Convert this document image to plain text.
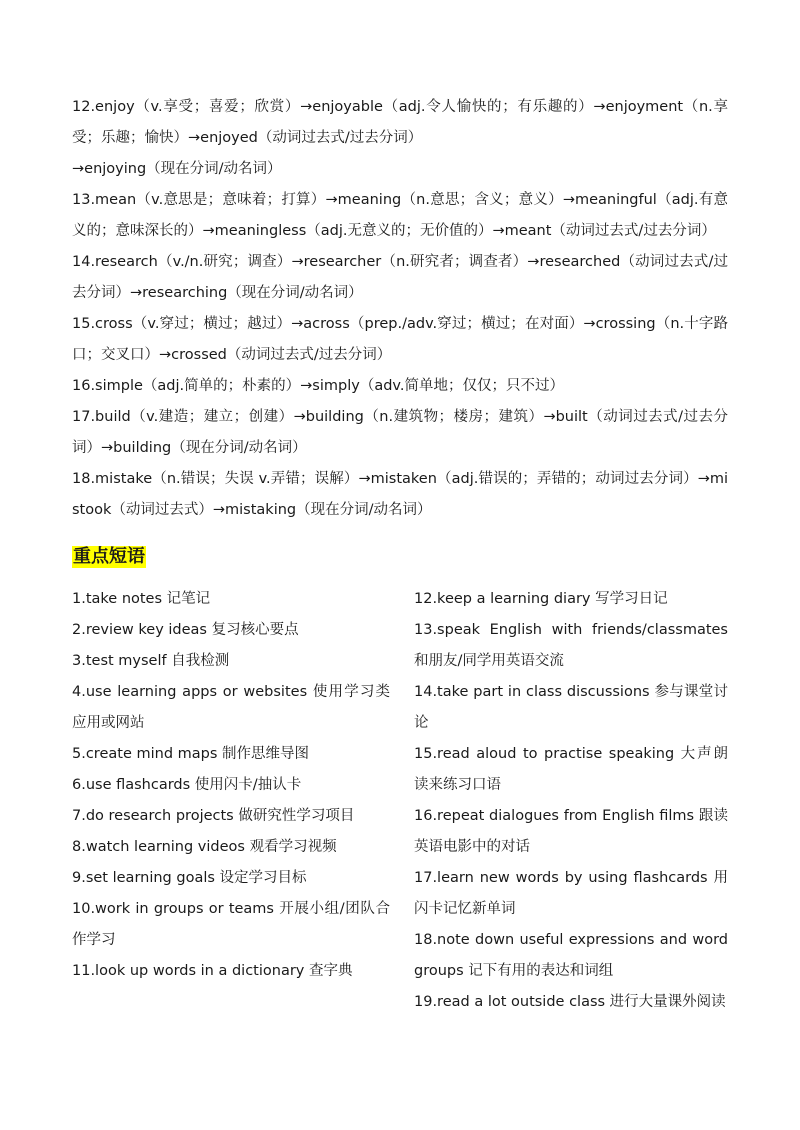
12.enjoy（v.享受；喜爱；欣赏）→enjoyable（adj.令人愉快的；有乐趣的）→enjoyment（n.享受；乐趣；愉快）→enjoyed（动词过去式/过去分词）

→enjoying（现在分词/动名词）

13.mean（v.意思是；意味着；打算）→meaning（n.意思；含义；意义）→meaningful（adj.有意义的；意味深长的）→meaningless（adj.无意义的；无价值的）→meant（动词过去式/过去分词）

14.research（v./n.研究；调查）→researcher（n.研究者；调查者）→researched（动词过去式/过去分词）→researching（现在分词/动名词）

15.cross（v.穿过；横过；越过）→across（prep./adv.穿过；横过；在对面）→crossing（n.十字路口；交叉口）→crossed（动词过去式/过去分词）

16.simple（adj.简单的；朴素的）→simply（adv.简单地；仅仅；只不过）

17.build（v.建造；建立；创建）→building（n.建筑物；楼房；建筑）→built（动词过去式/过去分词）→building（现在分词/动名词）

18.mistake（n.错误；失误 v.弄错；误解）→mistaken（adj.错误的；弄错的；动词过去分词）→mistook（动词过去式）→mistaking（现在分词/动名词）

重点短语

1.take notes 记笔记

2.review key ideas 复习核心要点

3.test myself 自我检测

4.use learning apps or websites 使用学习类应用或网站

5.create mind maps 制作思维导图

6.use flashcards 使用闪卡/抽认卡

7.do research projects 做研究性学习项目

8.watch learning videos 观看学习视频

9.set learning goals 设定学习目标

10.work in groups or teams 开展小组/团队合作学习

11.look up words in a dictionary 查字典

12.keep a learning diary 写学习日记

13.speak English with friends/classmates 和朋友/同学用英语交流

14.take part in class discussions 参与课堂讨论

15.read aloud to practise speaking 大声朗读来练习口语

16.repeat dialogues from English films 跟读英语电影中的对话

17.learn new words by using flashcards 用闪卡记忆新单词

18.note down useful expressions and word groups 记下有用的表达和词组

19.read a lot outside class 进行大量课外阅读
